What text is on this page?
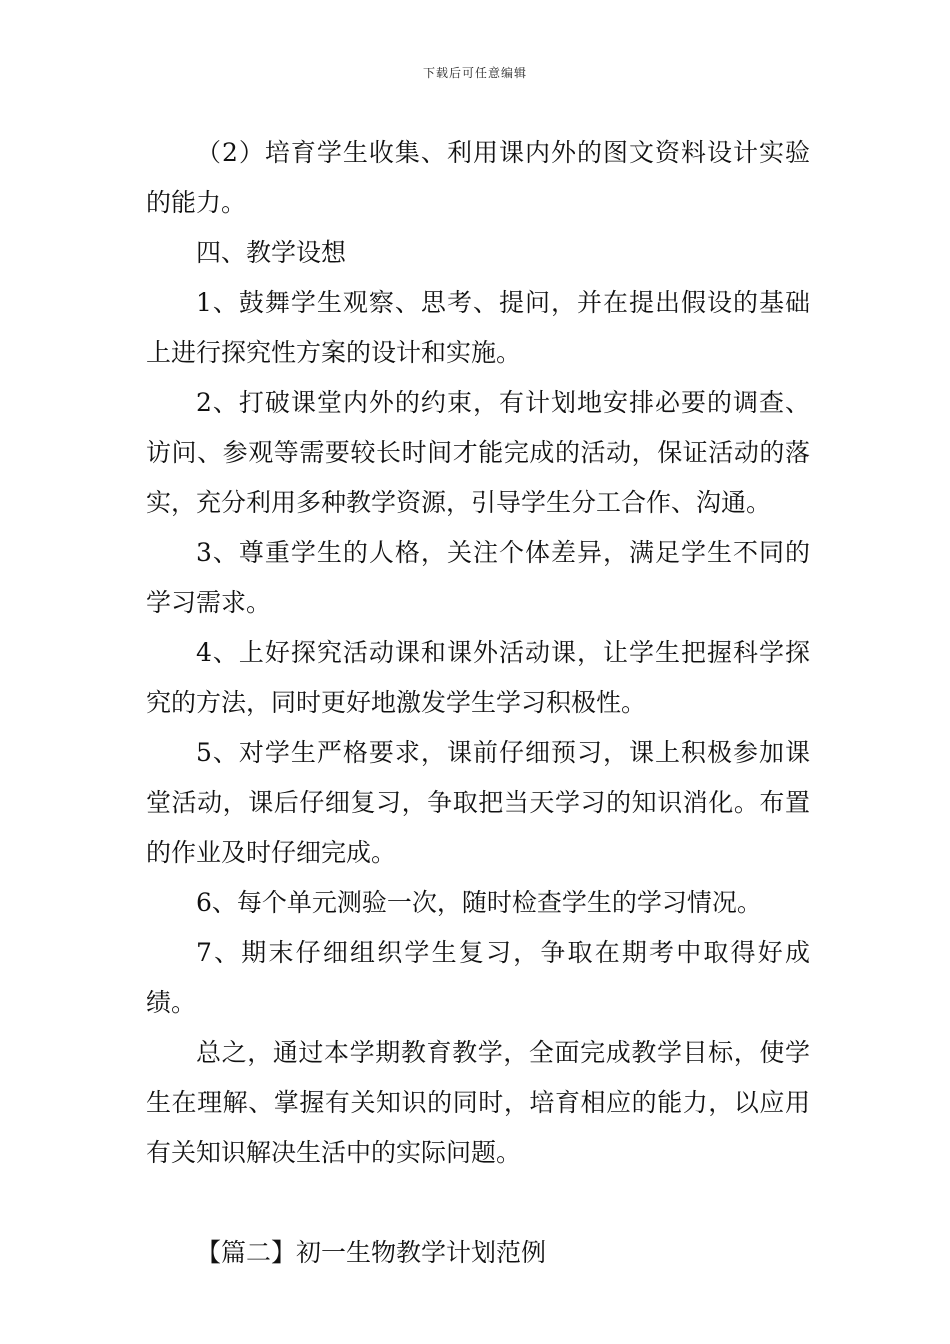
下载后可任意编辑

（2）培育学生收集、利用课内外的图文资料设计实验的能力。

四、教学设想

1、鼓舞学生观察、思考、提问，并在提出假设的基础上进行探究性方案的设计和实施。

2、打破课堂内外的约束，有计划地安排必要的调查、访问、参观等需要较长时间才能完成的活动，保证活动的落实，充分利用多种教学资源，引导学生分工合作、沟通。

3、尊重学生的人格，关注个体差异，满足学生不同的学习需求。

4、上好探究活动课和课外活动课，让学生把握科学探究的方法，同时更好地激发学生学习积极性。

5、对学生严格要求，课前仔细预习，课上积极参加课堂活动，课后仔细复习，争取把当天学习的知识消化。布置的作业及时仔细完成。

6、每个单元测验一次，随时检查学生的学习情况。

7、期末仔细组织学生复习，争取在期考中取得好成绩。

总之，通过本学期教育教学，全面完成教学目标，使学生在理解、掌握有关知识的同时，培育相应的能力，以应用有关知识解决生活中的实际问题。

【篇二】初一生物教学计划范例
